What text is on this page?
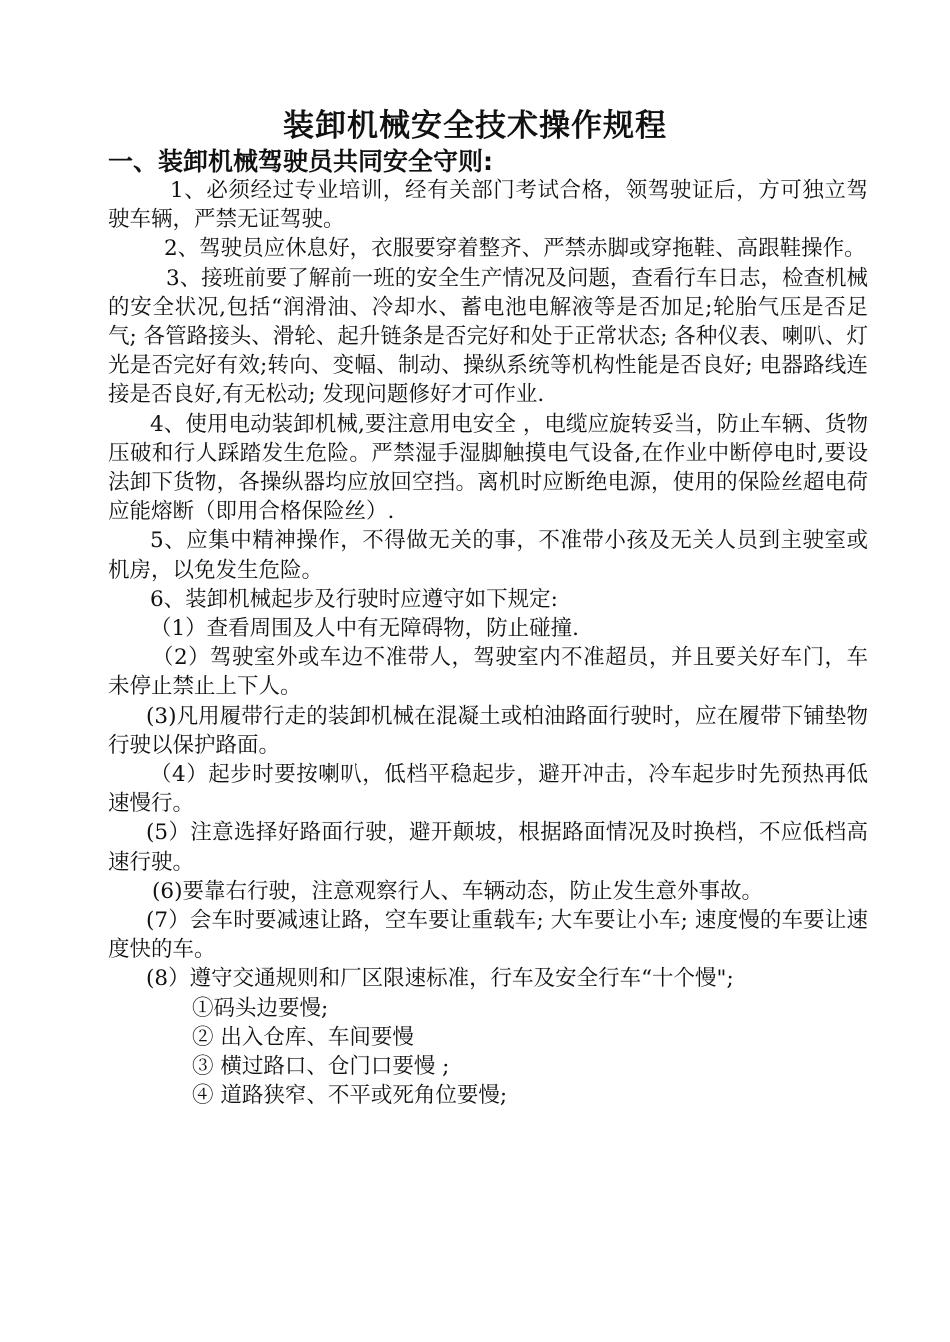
装卸机械安全技术操作规程
一、装卸机械驾驶员共同安全守则:

1、必须经过专业培训，经有关部门考试合格，领驾驶证后，方可独立驾驶车辆，严禁无证驾驶。

2、驾驶员应休息好，衣服要穿着整齐、严禁赤脚或穿拖鞋、高跟鞋操作。

3、接班前要了解前一班的安全生产情况及问题，查看行车日志，检查机械的安全状况,包括“润滑油、冷却水、蓄电池电解液等是否加足;轮胎气压是否足气; 各管路接头、滑轮、起升链条是否完好和处于正常状态; 各种仪表、喇叭、灯光是否完好有效;转向、变幅、制动、操纵系统等机构性能是否良好; 电器路线连接是否良好,有无松动; 发现问题修好才可作业.

4、使用电动装卸机械,要注意用电安全 ，电缆应旋转妥当，防止车辆、货物压破和行人踩踏发生危险。严禁湿手湿脚触摸电气设备,在作业中断停电时,要设法卸下货物，各操纵器均应放回空挡。离机时应断绝电源，使用的保险丝超电荷应能熔断（即用合格保险丝）.

5、应集中精神操作，不得做无关的事，不准带小孩及无关人员到主驶室或机房，以免发生危险。

6、装卸机械起步及行驶时应遵守如下规定:

（1）查看周围及人中有无障碍物，防止碰撞.

（2）驾驶室外或车边不准带人，驾驶室内不准超员，并且要关好车门，车未停止禁止上下人。

(3)凡用履带行走的装卸机械在混凝土或柏油路面行驶时，应在履带下铺垫物行驶以保护路面。

（4）起步时要按喇叭，低档平稳起步，避开冲击，冷车起步时先预热再低速慢行。

(5）注意选择好路面行驶，避开颠坡，根据路面情况及时换档，不应低档高速行驶。

(6)要靠右行驶，注意观察行人、车辆动态，防止发生意外事故。

(7）会车时要减速让路，空车要让重载车; 大车要让小车; 速度慢的车要让速度快的车。

(8）遵守交通规则和厂区限速标准，行车及安全行车“十个慢";

①码头边要慢;

② 出入仓库、车间要慢

③ 横过路口、仓门口要慢 ;

④ 道路狭窄、不平或死角位要慢;
